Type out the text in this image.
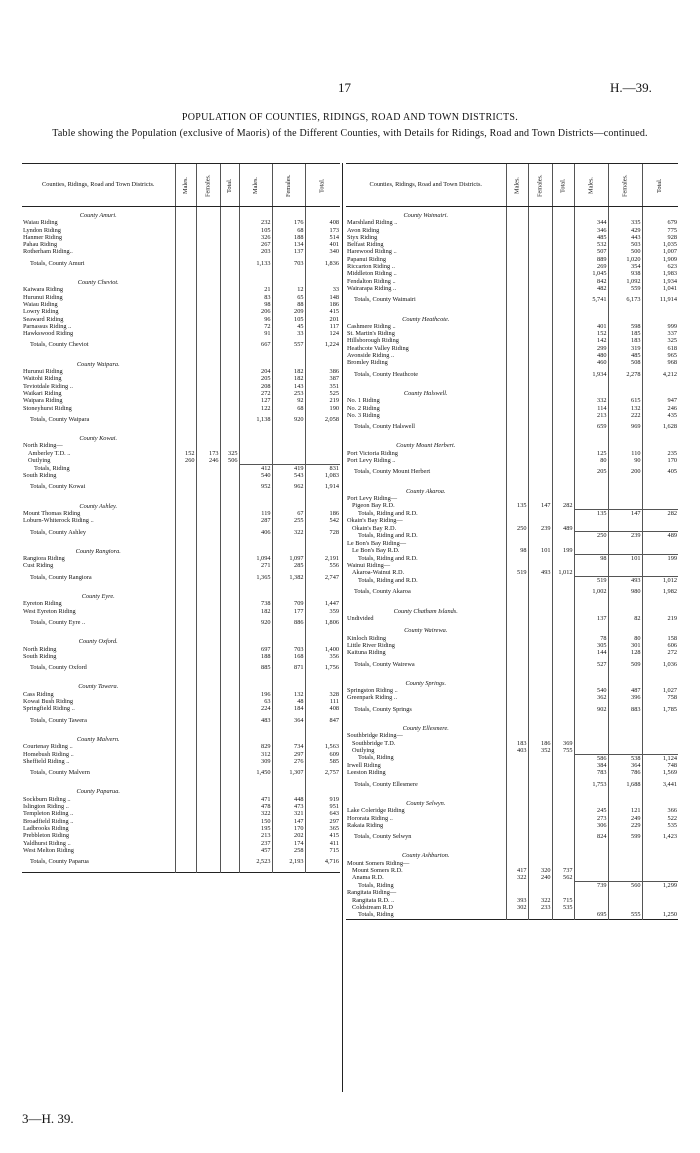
17	H.—39.
POPULATION OF COUNTIES, RIDINGS, ROAD AND TOWN DISTRICTS.
Table showing the Population (exclusive of Maoris) of the Different Counties, with Details for Ridings, Road and Town Districts—continued.
Counties, Ridings, Road and Town Districts.	Males.	Females.	Total.	Males.	Females.	Total.
County Amuri.						
Waiau Riding				232	176	408
Lyndon Riding				105	68	173
Hanmer Riding				326	188	514
Pahau Riding				267	134	401
Rotherham Riding..				203	137	340
Totals, County Amuri				1,133	703	1,836
County Cheviot.						
Kaiwara Riding				21	12	33
Hurunui Riding				83	65	148
Waiau Riding				98	88	186
Lowry Riding				206	209	415
Seaward Riding				96	105	201
Parnassus Riding ..				72	45	117
Hawkswood Riding				91	33	124
Totals, County Cheviot				667	557	1,224
County Waipara.						
Hurunui Riding				204	182	386
Waitohi Riding				205	182	387
Teviotdale Riding ..				208	143	351
Waikari Riding				272	253	525
Waipara Riding				127	92	219
Stoneyhurst Riding				122	68	190
Totals, County Waipara				1,138	920	2,058
County Kowai.						
North Riding—						
Amberley T.D. ..	152	173	325			
Outlying	260	246	506			
Totals, Riding				412	419	831
South Riding				540	543	1,083
Totals, County Kowai				952	962	1,914
County Ashley.						
Mount Thomas Riding				119	67	186
Loburn-Whiterock Riding ..				287	255	542
Totals, County Ashley				406	322	728
County Rangiora.						
Rangiora Riding				1,094	1,097	2,191
Cust Riding				271	285	556
Totals, County Rangiora				1,365	1,382	2,747
County Eyre.						
Eyreton Riding				738	709	1,447
West Eyreton Riding				182	177	359
Totals, County Eyre ..				920	886	1,806
County Oxford.						
North Riding				697	703	1,400
South Riding				188	168	356
Totals, County Oxford				885	871	1,756
County Tawera.						
Cass Riding				196	132	328
Kowai Bush Riding				63	48	111
Springfield Riding ..				224	184	408
Totals, County Tawera				483	364	847
County Malvern.						
Courtenay Riding ..				829	734	1,563
Homebush Riding ..				312	297	609
Sheffield Riding ..				309	276	585
Totals, County Malvern				1,450	1,307	2,757
County Paparua.						
Sockburn Riding ..				471	448	919
Islington Riding ..				478	473	951
Templeton Riding ..				322	321	643
Broadfield Riding ..				150	147	297
Ladbrooks Riding				195	170	365
Prebbleton Riding				213	202	415
Yaldhurst Riding ..				237	174	411
West Melton Riding				457	258	715
Totals, County Paparua				2,523	2,193	4,716
Counties, Ridings, Road and Town Districts.	Males.	Females.	Total.	Males.	Females.	Total.
County Waimairi.						
Marshland Riding ..				344	335	679
Avon Riding				346	429	775
Styx Riding				485	443	928
Belfast Riding				532	503	1,035
Harewood Riding ..				507	500	1,007
Papanui Riding				889	1,020	1,909
Riccarton Riding ..				269	354	623
Middleton Riding ..				1,045	938	1,983
Fendalton Riding ..				842	1,092	1,934
Wairarapa Riding ..				482	559	1,041
Totals, County Waimairi				5,741	6,173	11,914
County Heathcote.						
Cashmere Riding ..				401	598	999
St. Martin's Riding				152	185	337
Hillsborough Riding				142	183	325
Heathcote Valley Riding				299	319	618
Avonside Riding ..				480	485	965
Bromley Riding				460	508	968
Totals, County Heathcote				1,934	2,278	4,212
County Halswell.						
No. 1 Riding				332	615	947
No. 2 Riding				114	132	246
No. 3 Riding				213	222	435
Totals, County Halswell				659	969	1,628
County Mount Herbert.						
Port Victoria Riding				125	110	235
Port Levy Riding ..				80	90	170
Totals, County Mount Herbert				205	200	405
County Akaroa.						
Port Levy Riding—						
Pigeon Bay R.D.	135	147	282			
Totals, Riding and R.D.				135	147	282
Okain's Bay Riding—						
Okain's Bay R.D.	250	239	489			
Totals, Riding and R.D.				250	239	489
Le Bon's Bay Riding—						
Le Bon's Bay R.D.	98	101	199			
Totals, Riding and R.D.				98	101	199
Wainui Riding—						
Akaroa-Wainui R.D.	519	493	1,012			
Totals, Riding and R.D.				519	493	1,012
Totals, County Akaroa				1,002	980	1,982
County Chatham Islands.						
Undivided				137	82	219
County Wairewa.						
Kinloch Riding				78	80	158
Little River Riding				305	301	606
Kaituna Riding				144	128	272
Totals, County Wairewa				527	509	1,036
County Springs.						
Springston Riding ..				540	487	1,027
Greenpark Riding ..				362	396	758
Totals, County Springs				902	883	1,785
County Ellesmere.						
Southbridge Riding—						
Southbridge T.D.	183	186	369			
Outlying	403	352	755			
Totals, Riding				586	538	1,124
Irwell Riding				384	364	748
Leeston Riding				783	786	1,569
Totals, County Ellesmere				1,753	1,688	3,441
County Selwyn.						
Lake Coleridge Riding				245	121	366
Hororata Riding ..				273	249	522
Rakaia Riding				306	229	535
Totals, County Selwyn				824	599	1,423
County Ashburton.						
Mount Somers Riding—						
Mount Somers R.D.	417	320	737			
Anama R.D.	322	240	562			
Totals, Riding				739	560	1,299
Rangitata Riding—						
Rangitata R.D. ..	393	322	715			
Coldstream R.D	302	233	535			
Totals, Riding				695	555	1,250
3—H. 39.
